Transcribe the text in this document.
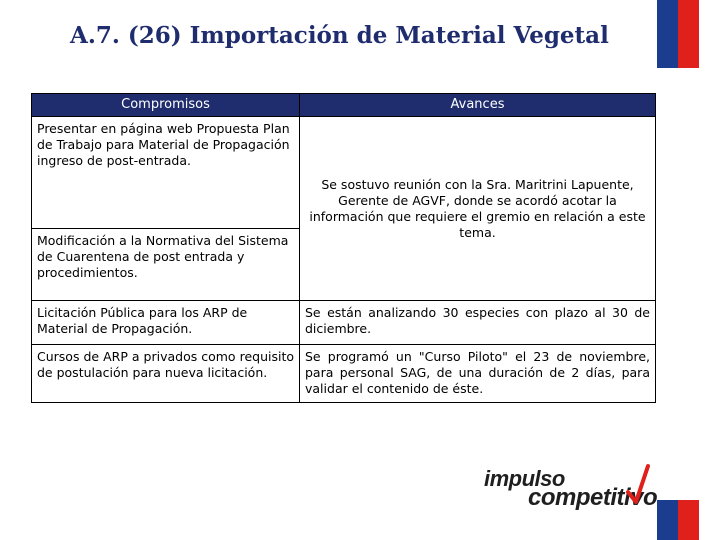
A.7. (26) Importación de Material Vegetal
Compromisos	Avances
Presentar en página web Propuesta Plan de Trabajo para Material de Propagación ingreso de post-entrada.	Se sostuvo reunión con la Sra. Maritrini Lapuente, Gerente de AGVF, donde se acordó acotar la información que requiere el gremio en relación a este tema.
Modificación a la Normativa del Sistema de Cuarentena de post entrada y procedimientos.	
Licitación Pública para los ARP de Material de Propagación.	Se están analizando 30 especies con plazo al 30 de diciembre.
Cursos de ARP a privados como requisito de postulación para nueva licitación.	Se programó un "Curso Piloto" el 23 de noviembre, para personal SAG, de una duración de 2 días, para validar el contenido de éste.
impulso
competitivo
